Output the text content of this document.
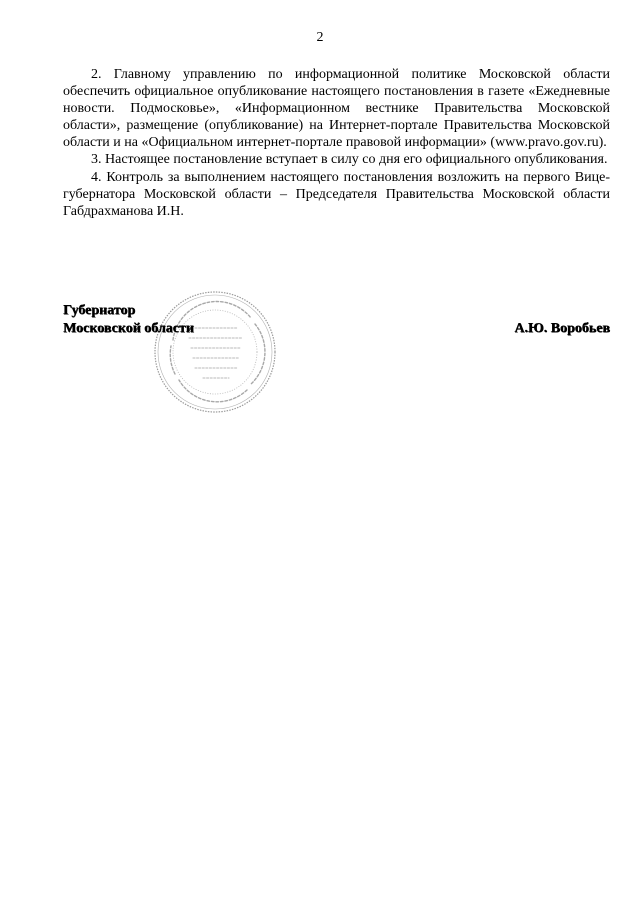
2

2. Главному управлению по информационной политике Московской области обеспечить официальное опубликование настоящего постановления в газете «Ежедневные новости. Подмосковье», «Информационном вестнике Правительства Московской области», размещение (опубликование) на Интернет-портале Правительства Московской области и на «Официальном интернет-портале правовой информации» (www.pravo.gov.ru).

3. Настоящее постановление вступает в силу со дня его официального опубликования.

4. Контроль за выполнением настоящего постановления возложить на первого Вице-губернатора Московской области – Председателя Правительства Московской области Габдрахманова И.Н.

Губернатор
Московской области	А.Ю. Воробьев
